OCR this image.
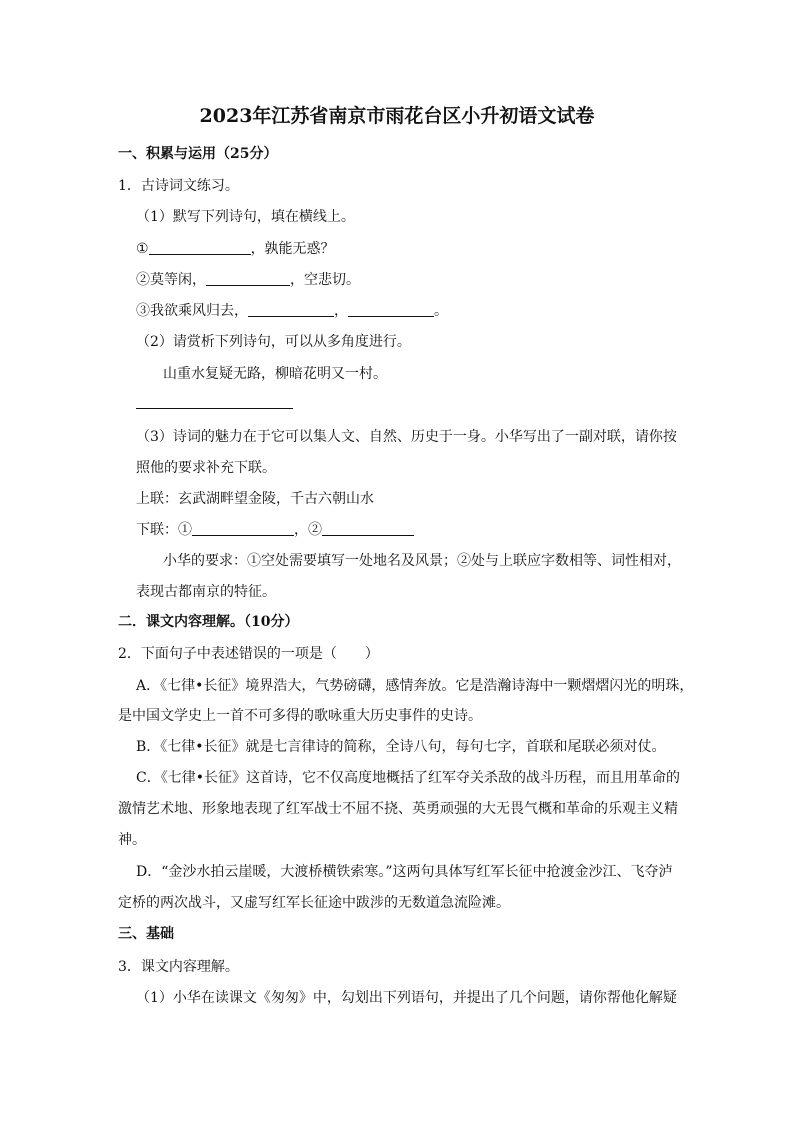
2023年江苏省南京市雨花台区小升初语文试卷
一、积累与运用（25分）
1．古诗词文练习。
（1）默写下列诗句，填在横线上。
①	，孰能无惑？
②莫等闲，	，空悲切。
③我欲乘风归去，	，	。
（2）请赏析下列诗句，可以从多角度进行。
山重水复疑无路，柳暗花明又一村。
（3）诗词的魅力在于它可以集人文、自然、历史于一身。小华写出了一副对联，请你按
照他的要求补充下联。
上联：玄武湖畔望金陵，千古六朝山水
下联：①	，②
小华的要求：①空处需要填写一处地名及风景；②处与上联应字数相等、词性相对，
表现古都南京的特征。
二．课文内容理解。（10分）
2．下面句子中表述错误的一项是（　　）
A．《七律•长征》境界浩大，气势磅礴，感情奔放。它是浩瀚诗海中一颗熠熠闪光的明珠，
是中国文学史上一首不可多得的歌咏重大历史事件的史诗。
B．《七律•长征》就是七言律诗的简称，全诗八句，每句七字，首联和尾联必须对仗。
C．《七律•长征》这首诗，它不仅高度地概括了红军夺关杀敌的战斗历程，而且用革命的
激情艺术地、形象地表现了红军战士不屈不挠、英勇顽强的大无畏气概和革命的乐观主义精
神。
D．“金沙水拍云崖暖，大渡桥横铁索寒。”这两句具体写红军长征中抢渡金沙江、飞夺泸
定桥的两次战斗，又虚写红军长征途中跋涉的无数道急流险滩。
三、基础
3．课文内容理解。
（1）小华在读课文《匆匆》中，勾划出下列语句，并提出了几个问题，请你帮他化解疑
